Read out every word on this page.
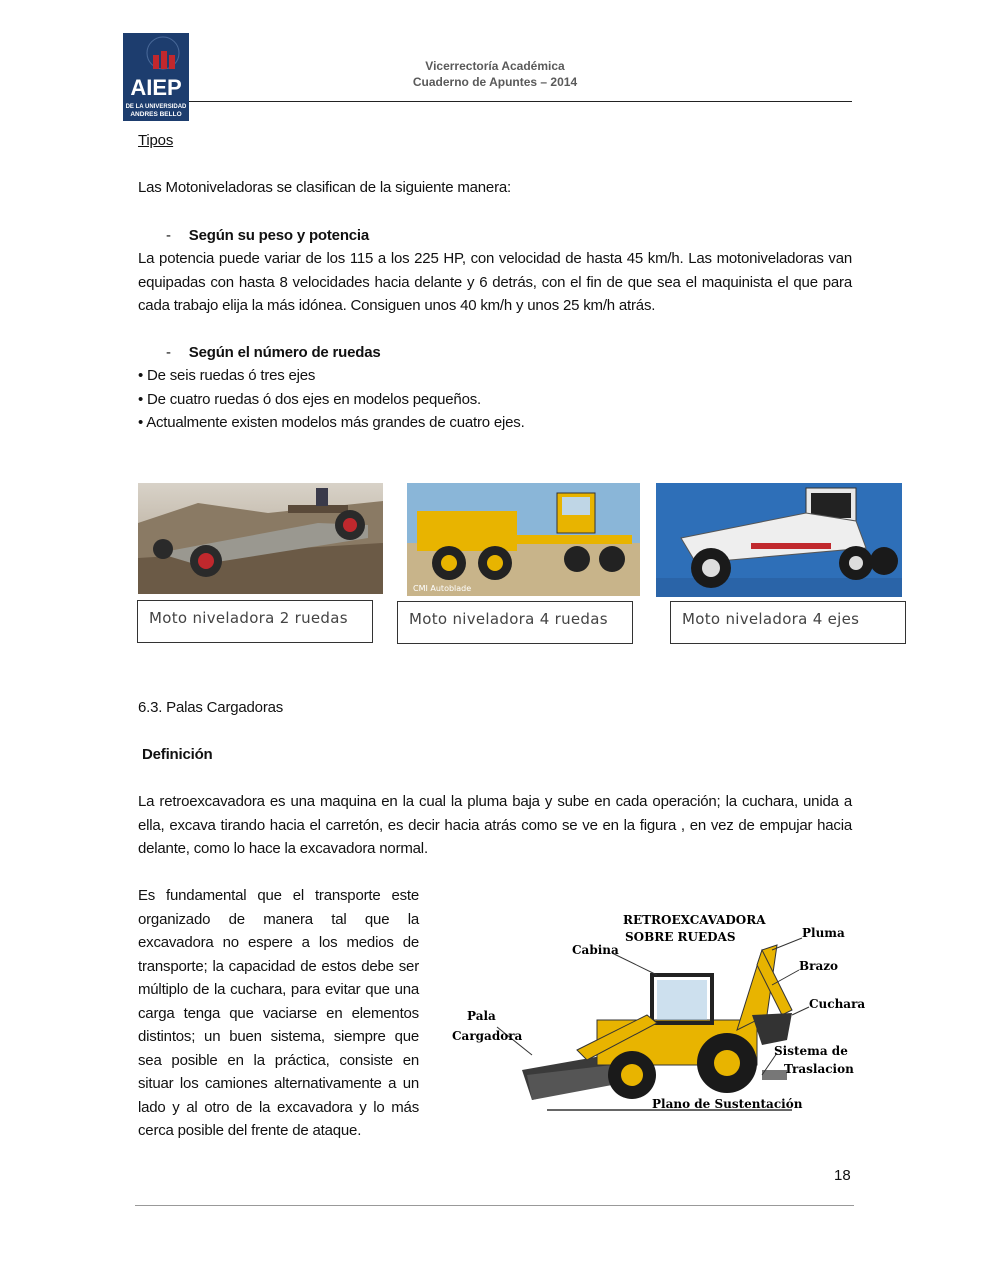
AIEP
DE LA UNIVERSIDAD
ANDRES BELLO
Vicerrectoría Académica
Cuaderno de Apuntes – 2014
Tipos
Las Motoniveladoras se clasifican de la siguiente manera:
- Según su peso y potencia
La potencia puede variar de los 115 a los 225 HP, con velocidad de hasta 45 km/h. Las motoniveladoras van equipadas con hasta 8 velocidades hacia delante y 6 detrás, con el fin de que sea el maquinista el que para cada trabajo elija la más idónea. Consiguen unos 40 km/h y unos 25 km/h atrás.
- Según el número de ruedas
• De seis ruedas ó tres ejes
• De cuatro ruedas ó dos ejes en modelos pequeños.
• Actualmente existen modelos más grandes de cuatro ejes.
CMI Autoblade
Moto niveladora 2 ruedas	Moto niveladora 4 ruedas	Moto niveladora 4 ejes
6.3. Palas Cargadoras
Definición
La retroexcavadora es una maquina en la cual la pluma baja y sube en cada operación; la cuchara, unida a ella, excava tirando hacia el carretón, es decir hacia atrás como se ve en la figura , en vez de empujar hacia delante, como lo hace la excavadora normal.
Es fundamental que el transporte este organizado de manera tal que la excavadora no espere a los medios de transporte; la capacidad de estos debe ser múltiplo de la cuchara, para evitar que una carga tenga que vaciarse en elementos distintos; un buen sistema, siempre que sea posible en la práctica, consiste en situar los camiones alternativamente a un lado y al otro de la excavadora y lo más cerca posible del frente de ataque.
RETROEXCAVADORA
SOBRE RUEDAS
Cabina
Pluma
Brazo
Cuchara
Pala
Cargadora
Sistema de
Traslacion
Plano de Sustentación
18
